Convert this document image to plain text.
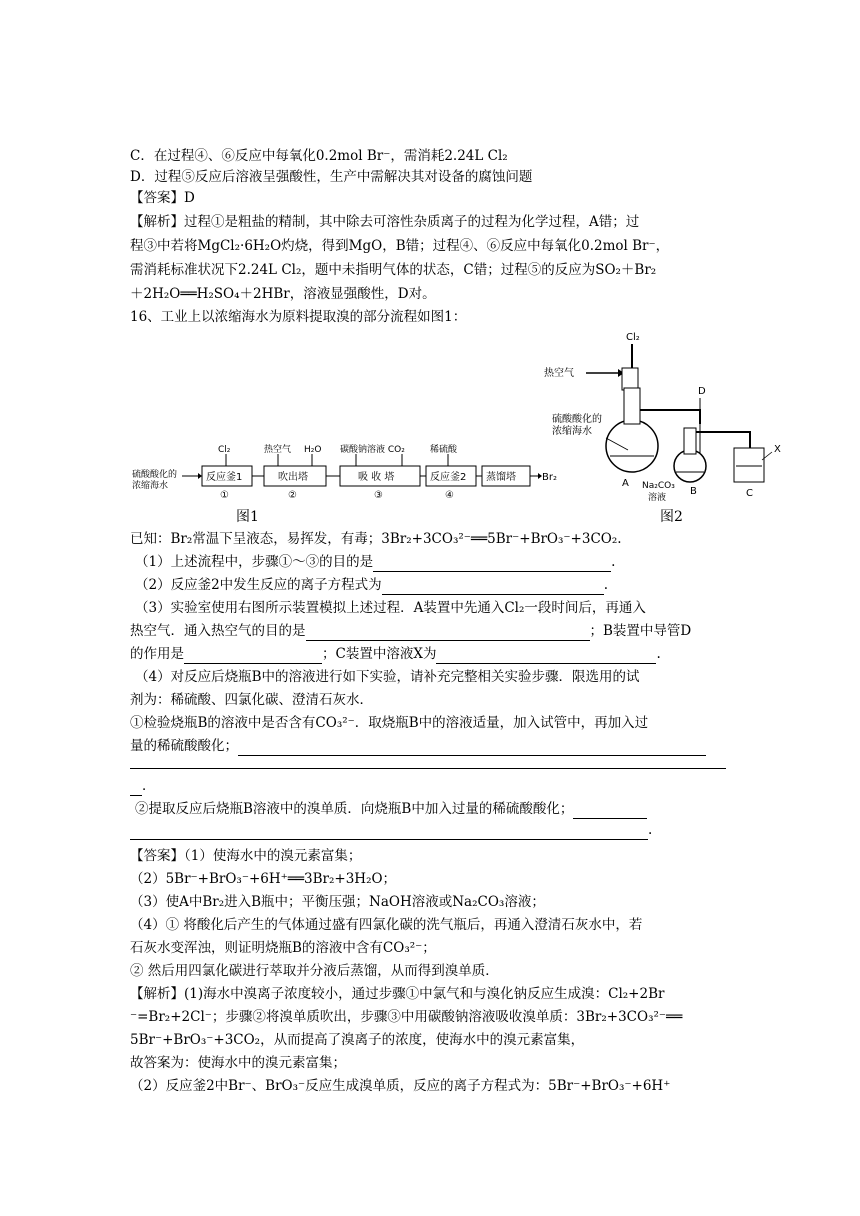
C．在过程④、⑥反应中每氧化0.2mol Br⁻，需消耗2.24L Cl₂
D．过程⑤反应后溶液呈强酸性，生产中需解决其对设备的腐蚀问题
【答案】D
【解析】过程①是粗盐的精制，其中除去可溶性杂质离子的过程为化学过程，A错；过
程③中若将MgCl₂·6H₂O灼烧，得到MgO，B错；过程④、⑥反应中每氧化0.2mol Br⁻，
需消耗标准状况下2.24L Cl₂，题中未指明气体的状态，C错；过程⑤的反应为SO₂＋Br₂
＋2H₂O══H₂SO₄＋2HBr，溶液显强酸性，D对。
16、工业上以浓缩海水为原料提取溴的部分流程如图1：
硫酸酸化的
浓缩海水
反应釜1	吹出塔	吸 收 塔	反应釜2 蒸馏塔	Br₂
Cl₂	热空气 H₂O 碳酸钠溶液 CO₂	稀硫酸
①	②	③	④
图1
Cl₂
热空气
硫酸酸化的
浓缩海水
A
D
B
Na₂CO₃
溶液
X
C
图2
已知：Br₂常温下呈液态，易挥发，有毒；3Br₂+3CO₃²⁻══5Br⁻+BrO₃⁻+3CO₂.
（1）上述流程中，步骤①～③的目的是	.
（2）反应釜2中发生反应的离子方程式为	.
（3）实验室使用右图所示装置模拟上述过程．A装置中先通入Cl₂一段时间后，再通入
热空气．通入热空气的目的是	；B装置中导管D
的作用是	；C装置中溶液X为	.
（4）对反应后烧瓶B中的溶液进行如下实验，请补充完整相关实验步骤．限选用的试
剂为：稀硫酸、四氯化碳、澄清石灰水．
①检验烧瓶B的溶液中是否含有CO₃²⁻．取烧瓶B中的溶液适量，加入试管中，再加入过
量的稀硫酸酸化；
．
②提取反应后烧瓶B溶液中的溴单质．向烧瓶B中加入过量的稀硫酸酸化；
.
【答案】（1）使海水中的溴元素富集；
（2）5Br⁻+BrO₃⁻+6H⁺══3Br₂+3H₂O；
（3）使A中Br₂进入B瓶中；平衡压强；NaOH溶液或Na₂CO₃溶液；
（4）① 将酸化后产生的气体通过盛有四氯化碳的洗气瓶后，再通入澄清石灰水中，若
石灰水变浑浊，则证明烧瓶B的溶液中含有CO₃²⁻；
② 然后用四氯化碳进行萃取并分液后蒸馏，从而得到溴单质．
【解析】(1)海水中溴离子浓度较小，通过步骤①中氯气和与溴化钠反应生成溴：Cl₂+2Br
⁻=Br₂+2Cl⁻；步骤②将溴单质吹出，步骤③中用碳酸钠溶液吸收溴单质：3Br₂+3CO₃²⁻══
5Br⁻+BrO₃⁻+3CO₂，从而提高了溴离子的浓度，使海水中的溴元素富集，
故答案为：使海水中的溴元素富集；
（2）反应釜2中Br⁻、BrO₃⁻反应生成溴单质，反应的离子方程式为：5Br⁻+BrO₃⁻+6H⁺
